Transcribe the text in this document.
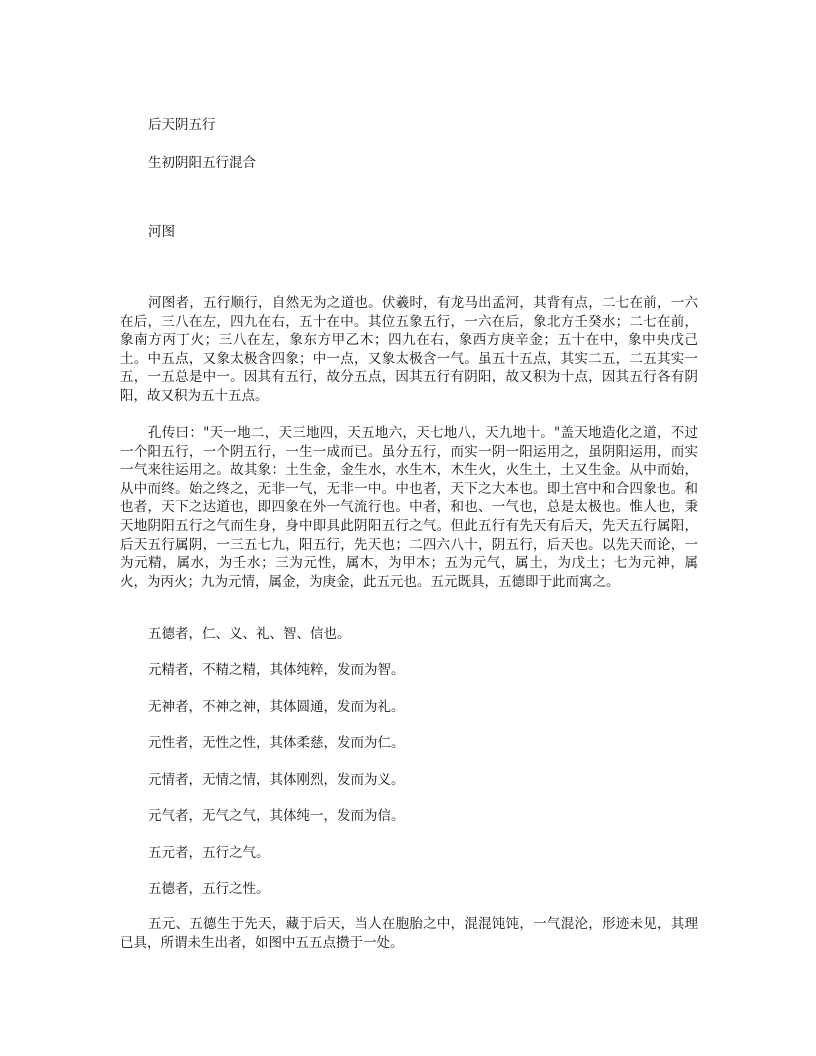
后天阴五行

生初阴阳五行混合

河图

河图者，五行顺行，自然无为之道也。伏羲时，有龙马出孟河，其背有点，二七在前，一六在后，三八在左，四九在右，五十在中。其位五象五行，一六在后，象北方壬癸水；二七在前，象南方丙丁火；三八在左，象东方甲乙木；四九在右，象西方庚辛金；五十在中，象中央戊己土。中五点，又象太极含四象；中一点，又象太极含一气。虽五十五点，其实二五，二五其实一五，一五总是中一。因其有五行，故分五点，因其五行有阴阳，故又积为十点，因其五行各有阴阳，故又积为五十五点。

孔传曰："天一地二，天三地四，天五地六，天七地八，天九地十。"盖天地造化之道，不过一个阳五行，一个阴五行，一生一成而已。虽分五行，而实一阴一阳运用之，虽阴阳运用，而实一气来往运用之。故其象：土生金，金生水，水生木，木生火，火生土，土又生金。从中而始，从中而终。始之终之，无非一气，无非一中。中也者，天下之大本也。即土宫中和合四象也。和也者，天下之达道也，即四象在外一气流行也。中者，和也、一气也，总是太极也。惟人也，秉天地阴阳五行之气而生身，身中即具此阴阳五行之气。但此五行有先天有后天，先天五行属阳，后天五行属阴，一三五七九，阳五行，先天也；二四六八十，阴五行，后天也。以先天而论，一为元精，属水，为壬水；三为元性，属木，为甲木；五为元气，属土，为戊土；七为元神，属火，为丙火；九为元情，属金，为庚金，此五元也。五元既具，五德即于此而寓之。

五德者，仁、义、礼、智、信也。

元精者，不精之精，其体纯粹，发而为智。

无神者，不神之神，其体圆通，发而为礼。

元性者，无性之性，其体柔慈，发而为仁。

元情者，无情之情，其体刚烈，发而为义。

元气者，无气之气，其体纯一，发而为信。

五元者，五行之气。

五德者，五行之性。

五元、五德生于先天，藏于后天，当人在胞胎之中，混混饨饨，一气混沦，形迹未见，其理已具，所谓未生出者，如图中五五点攒于一处。
